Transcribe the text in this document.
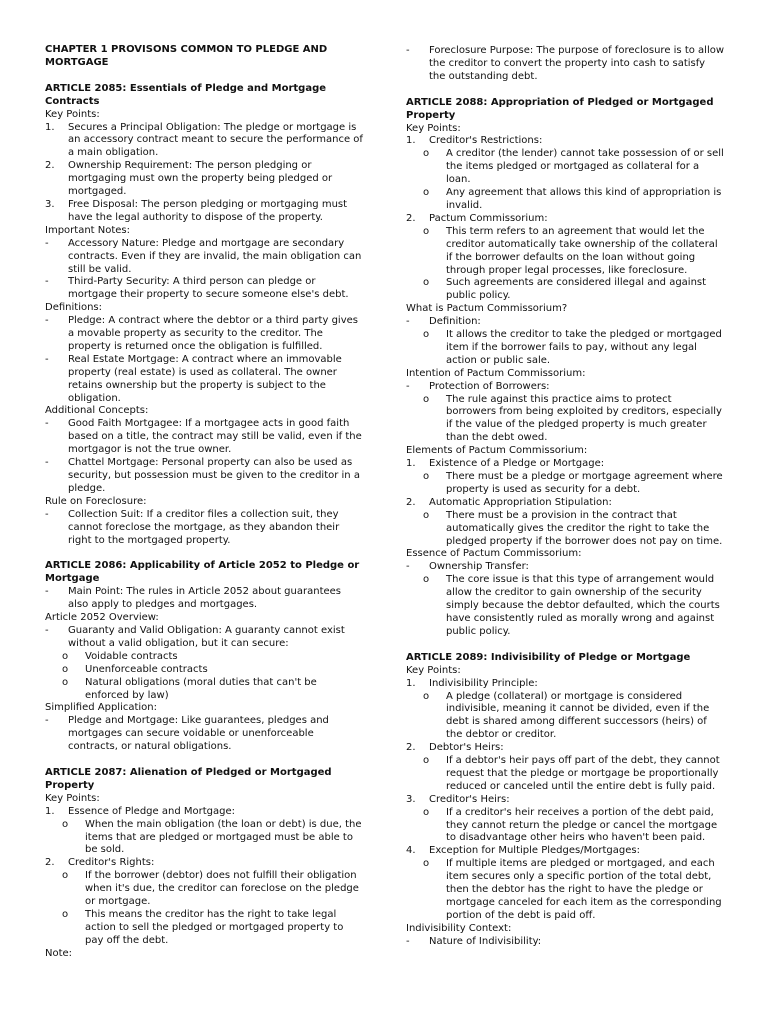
CHAPTER 1 PROVISONS COMMON TO PLEDGE AND MORTGAGE
ARTICLE 2085: Essentials of Pledge and Mortgage Contracts
Key Points:
1. Secures a Principal Obligation: The pledge or mortgage is an accessory contract meant to secure the performance of a main obligation.
2. Ownership Requirement: The person pledging or mortgaging must own the property being pledged or mortgaged.
3. Free Disposal: The person pledging or mortgaging must have the legal authority to dispose of the property.
Important Notes:
- Accessory Nature: Pledge and mortgage are secondary contracts. Even if they are invalid, the main obligation can still be valid.
- Third-Party Security: A third person can pledge or mortgage their property to secure someone else's debt.
Definitions:
- Pledge: A contract where the debtor or a third party gives a movable property as security to the creditor. The property is returned once the obligation is fulfilled.
- Real Estate Mortgage: A contract where an immovable property (real estate) is used as collateral. The owner retains ownership but the property is subject to the obligation.
Additional Concepts:
- Good Faith Mortgagee: If a mortgagee acts in good faith based on a title, the contract may still be valid, even if the mortgagor is not the true owner.
- Chattel Mortgage: Personal property can also be used as security, but possession must be given to the creditor in a pledge.
Rule on Foreclosure:
- Collection Suit: If a creditor files a collection suit, they cannot foreclose the mortgage, as they abandon their right to the mortgaged property.
ARTICLE 2086: Applicability of Article 2052 to Pledge or Mortgage
- Main Point: The rules in Article 2052 about guarantees also apply to pledges and mortgages.
Article 2052 Overview:
- Guaranty and Valid Obligation: A guaranty cannot exist without a valid obligation, but it can secure:
o Voidable contracts
o Unenforceable contracts
o Natural obligations (moral duties that can't be enforced by law)
Simplified Application:
- Pledge and Mortgage: Like guarantees, pledges and mortgages can secure voidable or unenforceable contracts, or natural obligations.
ARTICLE 2087: Alienation of Pledged or Mortgaged Property
Key Points:
1. Essence of Pledge and Mortgage:
o When the main obligation (the loan or debt) is due, the items that are pledged or mortgaged must be able to be sold.
2. Creditor's Rights:
o If the borrower (debtor) does not fulfill their obligation when it's due, the creditor can foreclose on the pledge or mortgage.
o This means the creditor has the right to take legal action to sell the pledged or mortgaged property to pay off the debt.
Note:
- Foreclosure Purpose: The purpose of foreclosure is to allow the creditor to convert the property into cash to satisfy the outstanding debt.
ARTICLE 2088: Appropriation of Pledged or Mortgaged Property
Key Points:
1. Creditor's Restrictions:
o A creditor (the lender) cannot take possession of or sell the items pledged or mortgaged as collateral for a loan.
o Any agreement that allows this kind of appropriation is invalid.
2. Pactum Commissorium:
o This term refers to an agreement that would let the creditor automatically take ownership of the collateral if the borrower defaults on the loan without going through proper legal processes, like foreclosure.
o Such agreements are considered illegal and against public policy.
What is Pactum Commissorium?
- Definition:
o It allows the creditor to take the pledged or mortgaged item if the borrower fails to pay, without any legal action or public sale.
Intention of Pactum Commissorium:
- Protection of Borrowers:
o The rule against this practice aims to protect borrowers from being exploited by creditors, especially if the value of the pledged property is much greater than the debt owed.
Elements of Pactum Commissorium:
1. Existence of a Pledge or Mortgage:
o There must be a pledge or mortgage agreement where property is used as security for a debt.
2. Automatic Appropriation Stipulation:
o There must be a provision in the contract that automatically gives the creditor the right to take the pledged property if the borrower does not pay on time.
Essence of Pactum Commissorium:
- Ownership Transfer:
o The core issue is that this type of arrangement would allow the creditor to gain ownership of the security simply because the debtor defaulted, which the courts have consistently ruled as morally wrong and against public policy.
ARTICLE 2089: Indivisibility of Pledge or Mortgage
Key Points:
1. Indivisibility Principle:
o A pledge (collateral) or mortgage is considered indivisible, meaning it cannot be divided, even if the debt is shared among different successors (heirs) of the debtor or creditor.
2. Debtor's Heirs:
o If a debtor's heir pays off part of the debt, they cannot request that the pledge or mortgage be proportionally reduced or canceled until the entire debt is fully paid.
3. Creditor's Heirs:
o If a creditor's heir receives a portion of the debt paid, they cannot return the pledge or cancel the mortgage to disadvantage other heirs who haven't been paid.
4. Exception for Multiple Pledges/Mortgages:
o If multiple items are pledged or mortgaged, and each item secures only a specific portion of the total debt, then the debtor has the right to have the pledge or mortgage canceled for each item as the corresponding portion of the debt is paid off.
Indivisibility Context:
- Nature of Indivisibility:
